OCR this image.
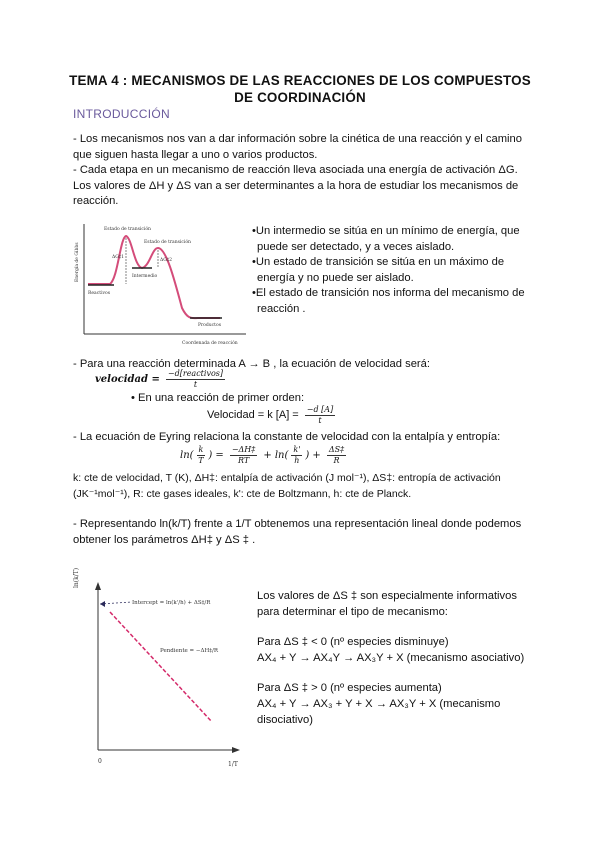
TEMA 4 : MECANISMOS DE LAS REACCIONES DE LOS COMPUESTOS
DE COORDINACIÓN
INTRODUCCIÓN
- Los mecanismos nos van a dar información sobre la cinética de una reacción y el camino
que siguen hasta llegar a uno o varios productos.
- Cada etapa en un mecanismo de reacción lleva asociada una energía de activación ΔG.
Los valores de ΔH y ΔS van a ser determinantes a la hora de estudiar los mecanismos de
reacción.
Energía de Gibbs
Coordenada de reacción
Estado de transición
Estado de transición
ΔG‡1
ΔG‡2
Intermedio
Reactivos
Productos
•Un intermedio se sitúa en un mínimo de energía, que
puede ser detectado, y a veces aislado.
•Un estado de transición se sitúa en un máximo de
energía y no puede ser aislado.
•El estado de transición nos informa del mecanismo de
reacción .
- Para una reacción determinada A → B , la ecuación de velocidad será:
velocidad = $\frac{\text{−d[reactivos]}}{t}$
• En una reacción de primer orden:
Velocidad = k $[A] = \frac{-d [A]}{t}$
- La ecuación de Eyring relaciona la constante de velocidad con la entalpía y entropía:
$\ln( \frac{k}{T}$ ) = $\frac{-\Delta H\ddagger}{RT} + \ln( \frac{k'}{h}$ ) + $\frac{\Delta S\ddagger}{R}$
k: cte de velocidad, T (K), ΔH‡: entalpía de activación (J mol⁻¹), ΔS‡: entropía de activación
(JK⁻¹mol⁻¹), R: cte gases ideales, k': cte de Boltzmann, h: cte de Planck.
- Representando ln(k/T) frente a 1/T obtenemos una representación lineal donde podemos
obtener los parámetros ΔH‡ y ΔS ‡ .
ln(k/T)
Intercept = ln(k'/h) + ΔS‡/R
Pendiente = −ΔH‡/R
0	1/T
Los valores de ΔS ‡ son especialmente informativos
para determinar el tipo de mecanismo:
Para ΔS ‡ < 0 (nº especies disminuye)
AX₄ + Y → AX₄Y → AX₃Y + X (mecanismo asociativo)
Para ΔS ‡ > 0 (nº especies aumenta)
AX₄ + Y → AX₃ + Y + X → AX₃Y + X (mecanismo
disociativo)
